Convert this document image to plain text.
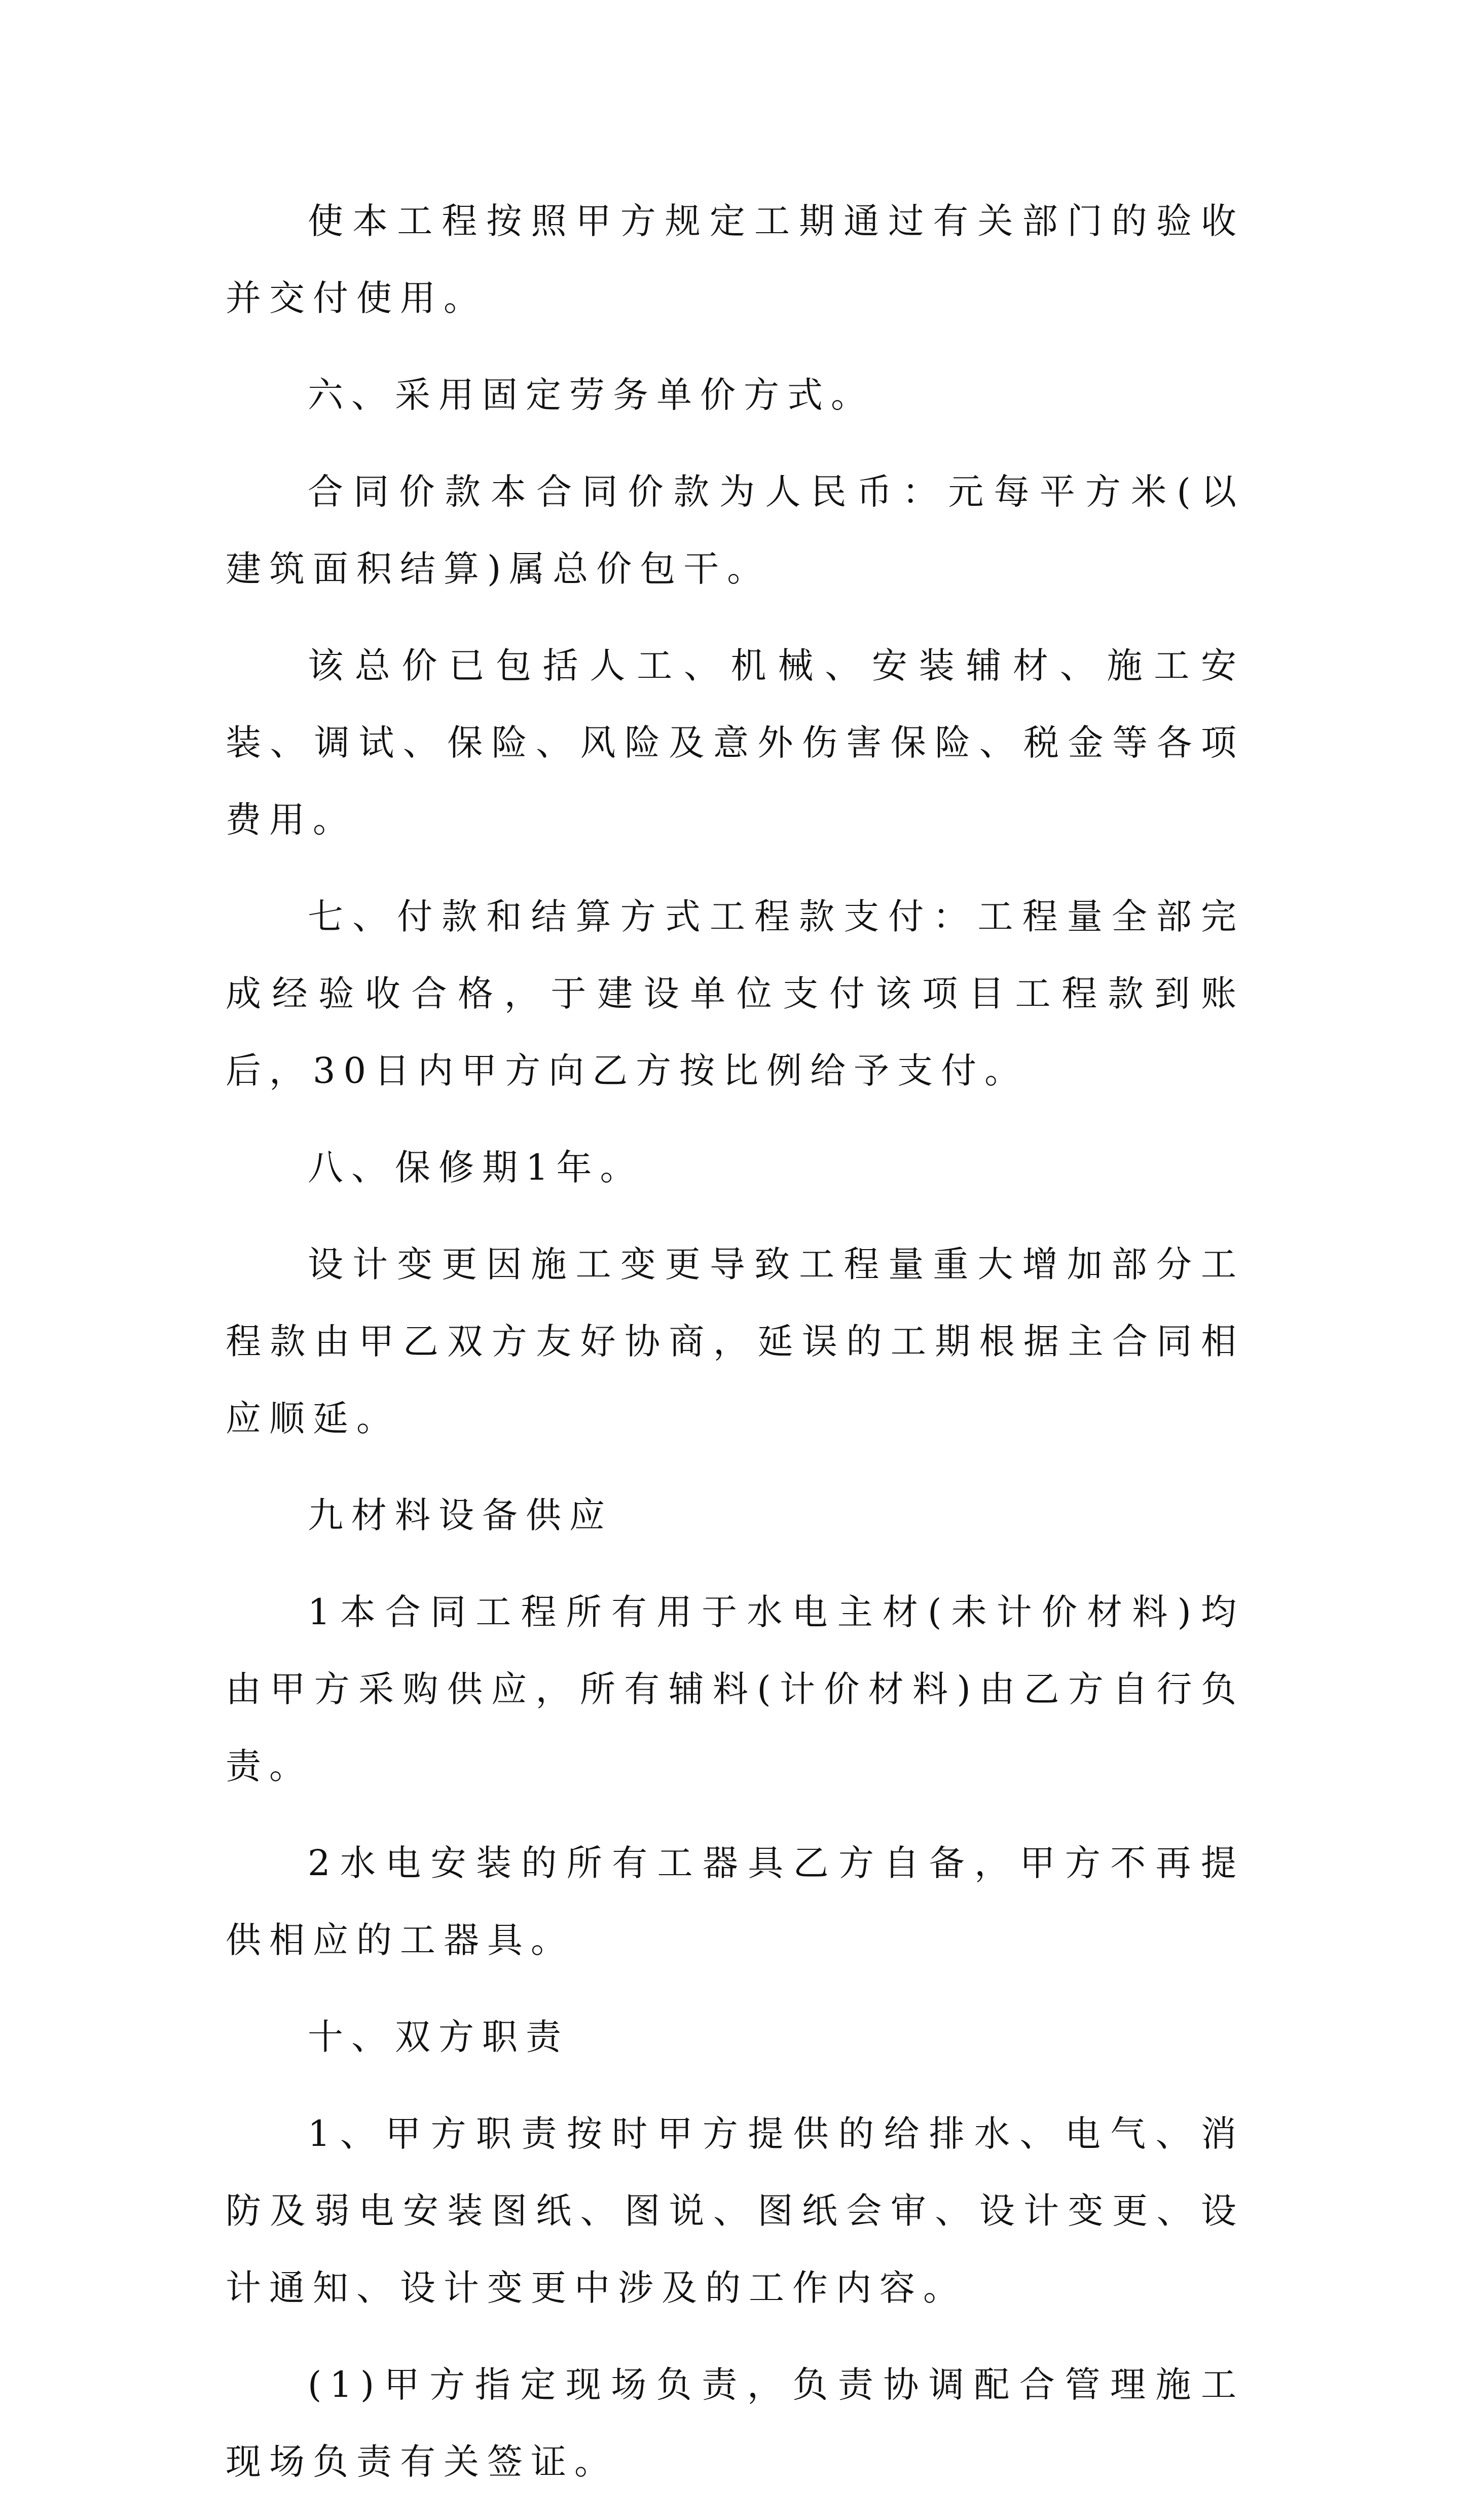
使本工程按照甲方规定工期通过有关部门的验收并交付使用。

六、采用固定劳务单价方式。

合同价款本合同价款为人民币：元每平方米(以建筑面积结算)属总价包干。

该总价已包括人工、机械、安装辅材、施工安装、调试、保险、风险及意外伤害保险、税金等各项费用。

七、付款和结算方式工程款支付：工程量全部完成经验收合格，于建设单位支付该项目工程款到账后，30日内甲方向乙方按比例给予支付。

八、保修期1年。

设计变更因施工变更导致工程量重大增加部分工程款由甲乙双方友好协商，延误的工期根据主合同相应顺延。

九材料设备供应

1本合同工程所有用于水电主材(未计价材料)均由甲方采购供应，所有辅料(计价材料)由乙方自行负责。

2水电安装的所有工器具乙方自备，甲方不再提供相应的工器具。

十、双方职责

1、甲方职责按时甲方提供的给排水、电气、消防及弱电安装图纸、图说、图纸会审、设计变更、设计通知、设计变更中涉及的工作内容。

(1)甲方指定现场负责，负责协调配合管理施工现场负责有关签证。
